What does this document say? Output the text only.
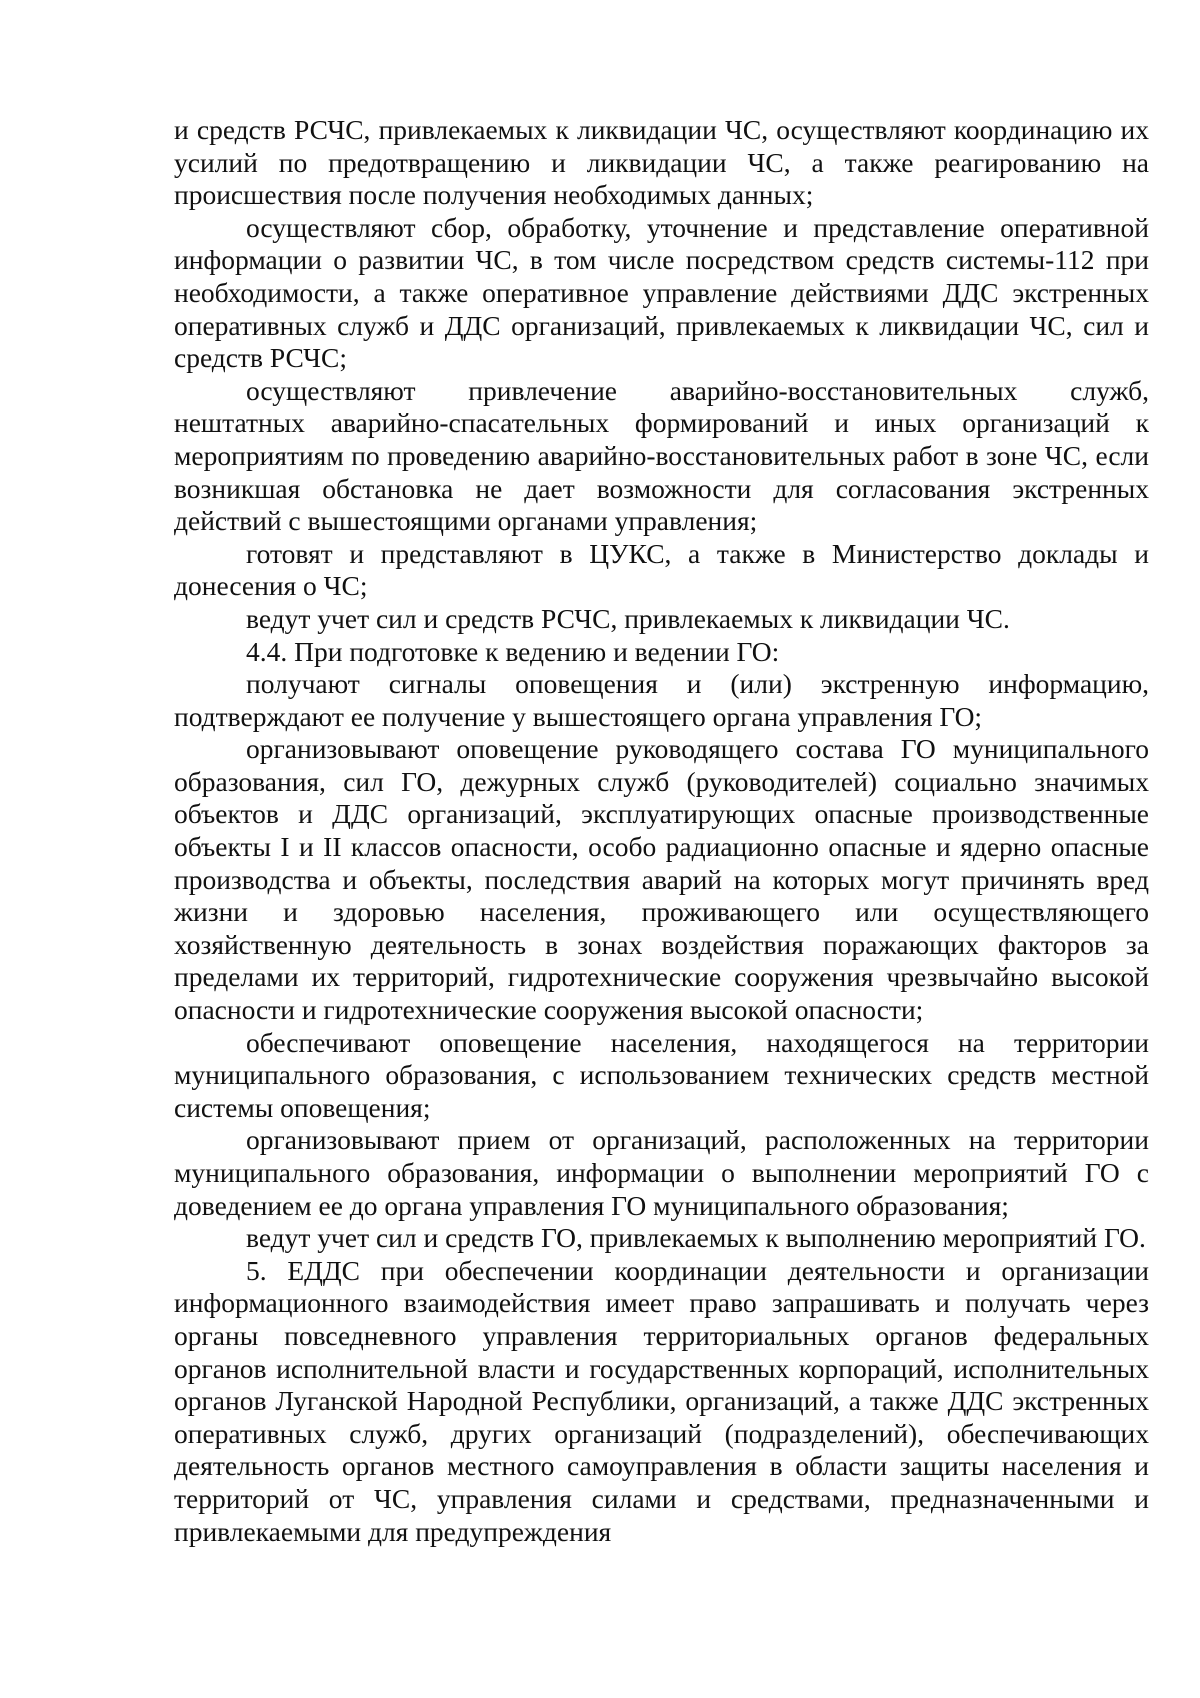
и средств РСЧС, привлекаемых к ликвидации ЧС, осуществляют координацию их усилий по предотвращению и ликвидации ЧС, а также реагированию на происшествия после получения необходимых данных;

осуществляют сбор, обработку, уточнение и представление оперативной информации о развитии ЧС, в том числе посредством средств системы-112 при необходимости, а также оперативное управление действиями ДДС экстренных оперативных служб и ДДС организаций, привлекаемых к ликвидации ЧС, сил и средств РСЧС;

осуществляют привлечение аварийно-восстановительных служб, нештатных аварийно-спасательных формирований и иных организаций к мероприятиям по проведению аварийно-восстановительных работ в зоне ЧС, если возникшая обстановка не дает возможности для согласования экстренных действий с вышестоящими органами управления;

готовят и представляют в ЦУКС, а также в Министерство доклады и донесения о ЧС;

ведут учет сил и средств РСЧС, привлекаемых к ликвидации ЧС.

4.4. При подготовке к ведению и ведении ГО:

получают сигналы оповещения и (или) экстренную информацию, подтверждают ее получение у вышестоящего органа управления ГО;

организовывают оповещение руководящего состава ГО муниципального образования, сил ГО, дежурных служб (руководителей) социально значимых объектов и ДДС организаций, эксплуатирующих опасные производственные объекты I и II классов опасности, особо радиационно опасные и ядерно опасные производства и объекты, последствия аварий на которых могут причинять вред жизни и здоровью населения, проживающего или осуществляющего хозяйственную деятельность в зонах воздействия поражающих факторов за пределами их территорий, гидротехнические сооружения чрезвычайно высокой опасности и гидротехнические сооружения высокой опасности;

обеспечивают оповещение населения, находящегося на территории муниципального образования, с использованием технических средств местной системы оповещения;

организовывают прием от организаций, расположенных на территории муниципального образования, информации о выполнении мероприятий ГО с доведением ее до органа управления ГО муниципального образования;

ведут учет сил и средств ГО, привлекаемых к выполнению мероприятий ГО.

5. ЕДДС при обеспечении координации деятельности и организации информационного взаимодействия имеет право запрашивать и получать через органы повседневного управления территориальных органов федеральных органов исполнительной власти и государственных корпораций, исполнительных органов Луганской Народной Республики, организаций, а также ДДС экстренных оперативных служб, других организаций (подразделений), обеспечивающих деятельность органов местного самоуправления в области защиты населения и территорий от ЧС, управления силами и средствами, предназначенными и привлекаемыми для предупреждения
